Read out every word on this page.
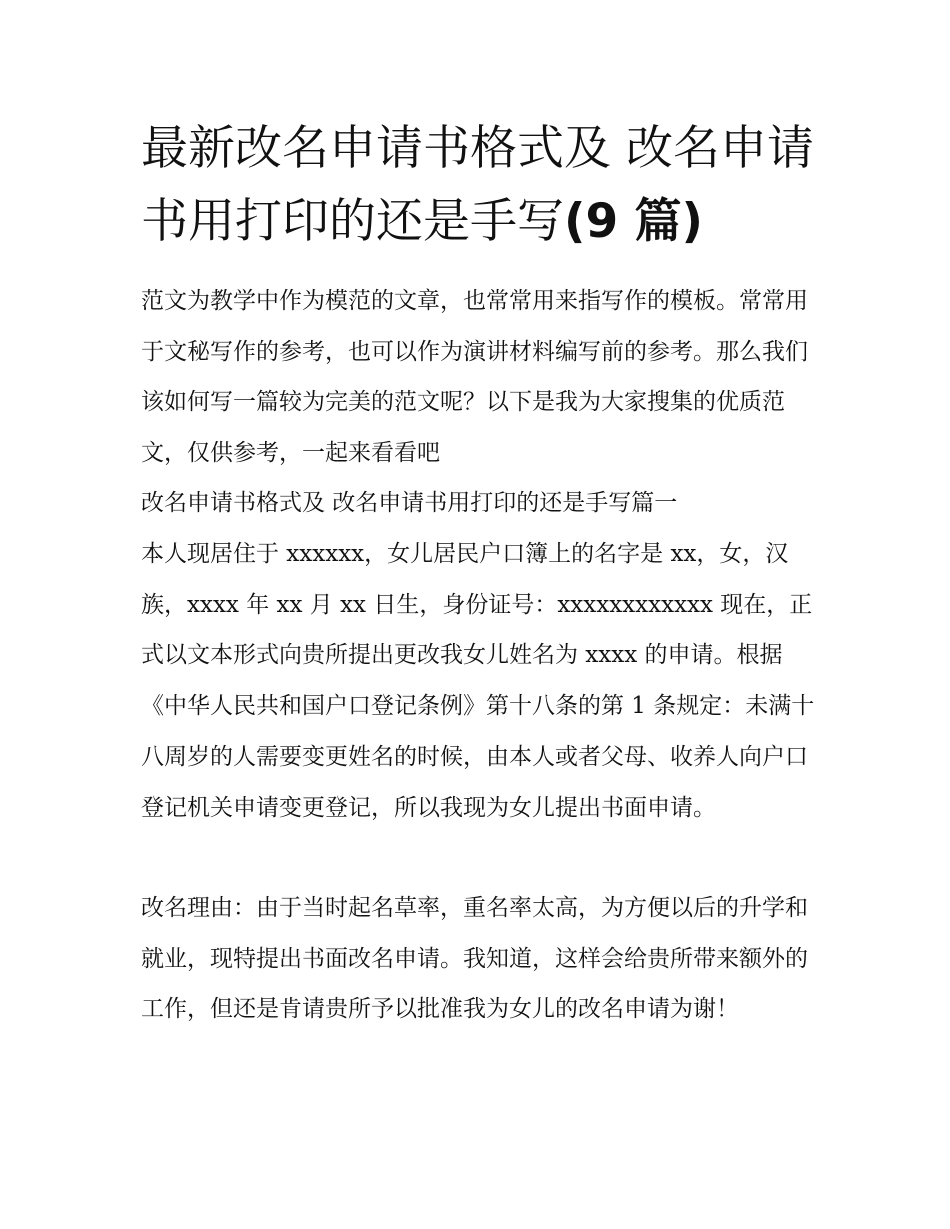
最新改名申请书格式及 改名申请书用打印的还是手写(9 篇)

范文为教学中作为模范的文章，也常常用来指写作的模板。常常用于文秘写作的参考，也可以作为演讲材料编写前的参考。那么我们该如何写一篇较为完美的范文呢？以下是我为大家搜集的优质范文，仅供参考，一起来看看吧

改名申请书格式及 改名申请书用打印的还是手写篇一

本人现居住于 xxxxxx，女儿居民户口簿上的名字是 xx，女，汉族，xxxx 年 xx 月 xx 日生，身份证号：xxxxxxxxxxxx 现在，正式以文本形式向贵所提出更改我女儿姓名为 xxxx 的申请。根据《中华人民共和国户口登记条例》第十八条的第 1 条规定：未满十八周岁的人需要变更姓名的时候，由本人或者父母、收养人向户口登记机关申请变更登记，所以我现为女儿提出书面申请。

改名理由：由于当时起名草率，重名率太高，为方便以后的升学和就业，现特提出书面改名申请。我知道，这样会给贵所带来额外的工作，但还是肯请贵所予以批准我为女儿的改名申请为谢！
